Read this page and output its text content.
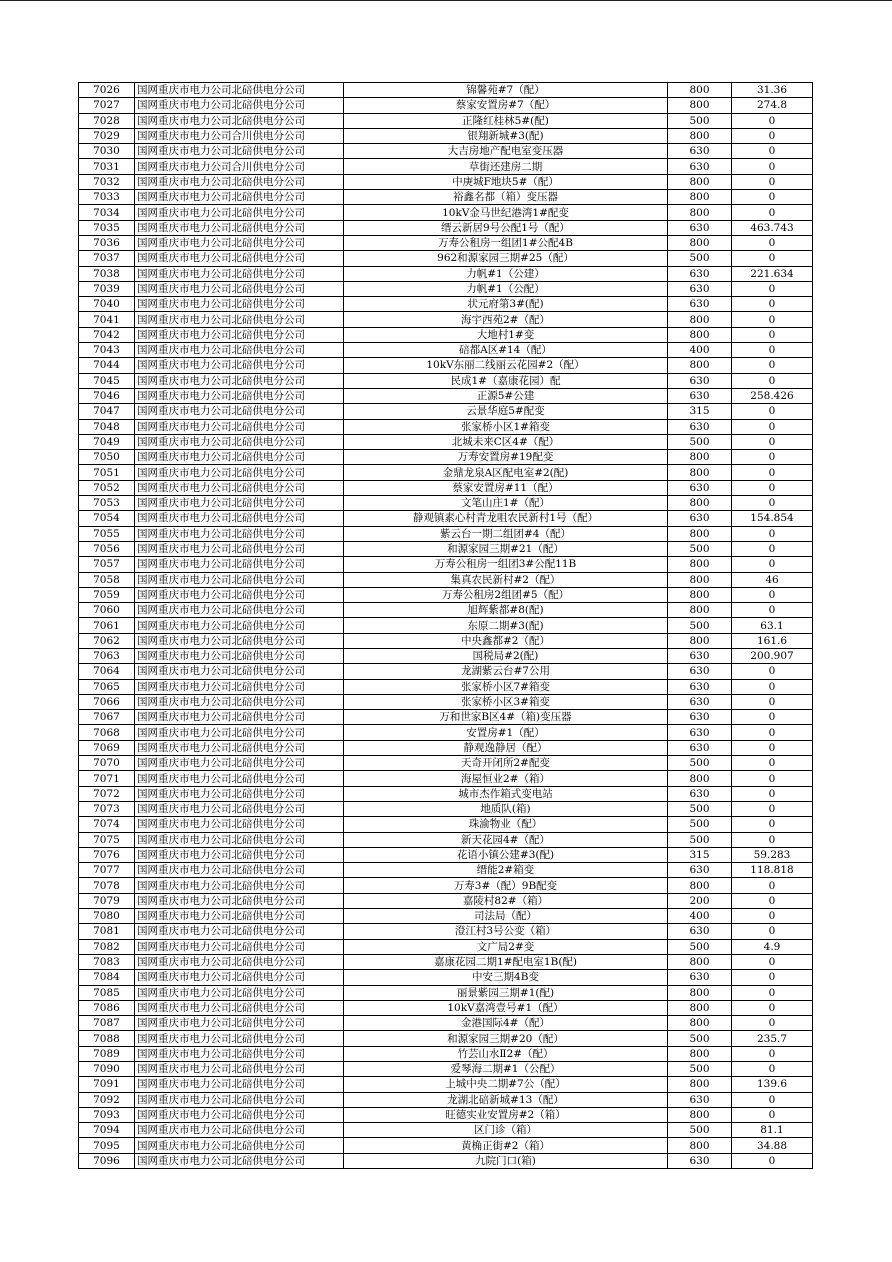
7026	国网重庆市电力公司北碚供电分公司	锦馨苑#7（配）	800	31.36
7027	国网重庆市电力公司北碚供电分公司	蔡家安置房#7（配）	800	274.8
7028	国网重庆市电力公司北碚供电分公司	正隆红桂林5#(配)	500	0
7029	国网重庆市电力公司合川供电分公司	银翔新城#3(配)	800	0
7030	国网重庆市电力公司北碚供电分公司	大吉房地产配电室变压器	630	0
7031	国网重庆市电力公司合川供电分公司	草街还建房二期	630	0
7032	国网重庆市电力公司北碚供电分公司	中庚城F地块5#（配）	800	0
7033	国网重庆市电力公司北碚供电分公司	裕鑫名都（箱）变压器	800	0
7034	国网重庆市电力公司北碚供电分公司	10kV金马世纪港湾1#配变	800	0
7035	国网重庆市电力公司北碚供电分公司	缙云新居9号公配1号（配）	630	463.743
7036	国网重庆市电力公司北碚供电分公司	万寿公租房一组团1#公配4B	800	0
7037	国网重庆市电力公司北碚供电分公司	962和源家园三期#25（配）	500	0
7038	国网重庆市电力公司北碚供电分公司	力帆#1（公建）	630	221.634
7039	国网重庆市电力公司北碚供电分公司	力帆#1（公配）	630	0
7040	国网重庆市电力公司北碚供电分公司	状元府第3#(配)	630	0
7041	国网重庆市电力公司北碚供电分公司	海宇西苑2#（配）	800	0
7042	国网重庆市电力公司北碚供电分公司	大地村1#变	800	0
7043	国网重庆市电力公司北碚供电分公司	碚都A区#14（配）	400	0
7044	国网重庆市电力公司北碚供电分公司	10kV东丽二线丽云花园#2（配）	800	0
7045	国网重庆市电力公司北碚供电分公司	民成1#（嘉康花园）配	630	0
7046	国网重庆市电力公司北碚供电分公司	正源5#公建	630	258.426
7047	国网重庆市电力公司北碚供电分公司	云景华庭5#配变	315	0
7048	国网重庆市电力公司北碚供电分公司	张家桥小区1#箱变	630	0
7049	国网重庆市电力公司北碚供电分公司	北城未来C区4#（配）	500	0
7050	国网重庆市电力公司北碚供电分公司	万寿安置房#19配变	800	0
7051	国网重庆市电力公司北碚供电分公司	金鼎龙泉A区配电室#2(配)	800	0
7052	国网重庆市电力公司北碚供电分公司	蔡家安置房#11（配）	630	0
7053	国网重庆市电力公司北碚供电分公司	文笔山庄1#（配）	800	0
7054	国网重庆市电力公司北碚供电分公司	静观镇素心村青龙咀农民新村1号（配）	630	154.854
7055	国网重庆市电力公司北碚供电分公司	紫云台一期二组团#4（配）	800	0
7056	国网重庆市电力公司北碚供电分公司	和源家园三期#21（配）	500	0
7057	国网重庆市电力公司北碚供电分公司	万寿公租房一组团3#公配11B	800	0
7058	国网重庆市电力公司北碚供电分公司	集真农民新村#2（配）	800	46
7059	国网重庆市电力公司北碚供电分公司	万寿公租房2组团#5（配）	800	0
7060	国网重庆市电力公司北碚供电分公司	旭辉紫都#8(配)	800	0
7061	国网重庆市电力公司北碚供电分公司	东原二期#3(配)	500	63.1
7062	国网重庆市电力公司北碚供电分公司	中央鑫都#2（配）	800	161.6
7063	国网重庆市电力公司北碚供电分公司	国税局#2(配)	630	200.907
7064	国网重庆市电力公司北碚供电分公司	龙湖紫云台#7公用	630	0
7065	国网重庆市电力公司北碚供电分公司	张家桥小区7#箱变	630	0
7066	国网重庆市电力公司北碚供电分公司	张家桥小区3#箱变	630	0
7067	国网重庆市电力公司北碚供电分公司	万和世家B区4#（箱)变压器	630	0
7068	国网重庆市电力公司北碚供电分公司	安置房#1（配）	630	0
7069	国网重庆市电力公司北碚供电分公司	静观逸静居（配）	630	0
7070	国网重庆市电力公司北碚供电分公司	天奇开闭所2#配变	500	0
7071	国网重庆市电力公司北碚供电分公司	海屋恒业2#（箱）	800	0
7072	国网重庆市电力公司北碚供电分公司	城市杰作箱式变电站	630	0
7073	国网重庆市电力公司北碚供电分公司	地质队(箱)	500	0
7074	国网重庆市电力公司北碚供电分公司	珠渝物业（配）	500	0
7075	国网重庆市电力公司北碚供电分公司	新天花园4#（配）	500	0
7076	国网重庆市电力公司北碚供电分公司	花语小镇公建#3(配)	315	59.283
7077	国网重庆市电力公司北碚供电分公司	缙能2#箱变	630	118.818
7078	国网重庆市电力公司北碚供电分公司	万寿3#（配）9B配变	800	0
7079	国网重庆市电力公司北碚供电分公司	嘉陵村82#（箱）	200	0
7080	国网重庆市电力公司北碚供电分公司	司法局（配）	400	0
7081	国网重庆市电力公司北碚供电分公司	澄江村3号公变（箱）	630	0
7082	国网重庆市电力公司北碚供电分公司	文广局2#变	500	4.9
7083	国网重庆市电力公司北碚供电分公司	嘉康花园二期1#配电室1B(配)	800	0
7084	国网重庆市电力公司北碚供电分公司	中安三期4B变	630	0
7085	国网重庆市电力公司北碚供电分公司	丽景紫园三期#1(配)	800	0
7086	国网重庆市电力公司北碚供电分公司	10kV嘉湾壹号#1（配）	800	0
7087	国网重庆市电力公司北碚供电分公司	金港国际4#（配）	800	0
7088	国网重庆市电力公司北碚供电分公司	和源家园三期#20（配）	500	235.7
7089	国网重庆市电力公司北碚供电分公司	竹芸山水Ⅱ2#（配）	800	0
7090	国网重庆市电力公司北碚供电分公司	爱琴海二期#1（公配）	500	0
7091	国网重庆市电力公司北碚供电分公司	上城中央二期#7公（配）	800	139.6
7092	国网重庆市电力公司北碚供电分公司	龙湖北碚新城#13（配）	630	0
7093	国网重庆市电力公司北碚供电分公司	旺德实业安置房#2（箱）	800	0
7094	国网重庆市电力公司北碚供电分公司	区门诊（箱）	500	81.1
7095	国网重庆市电力公司北碚供电分公司	黄桷正街#2（箱）	800	34.88
7096	国网重庆市电力公司北碚供电分公司	九院门口(箱)	630	0
